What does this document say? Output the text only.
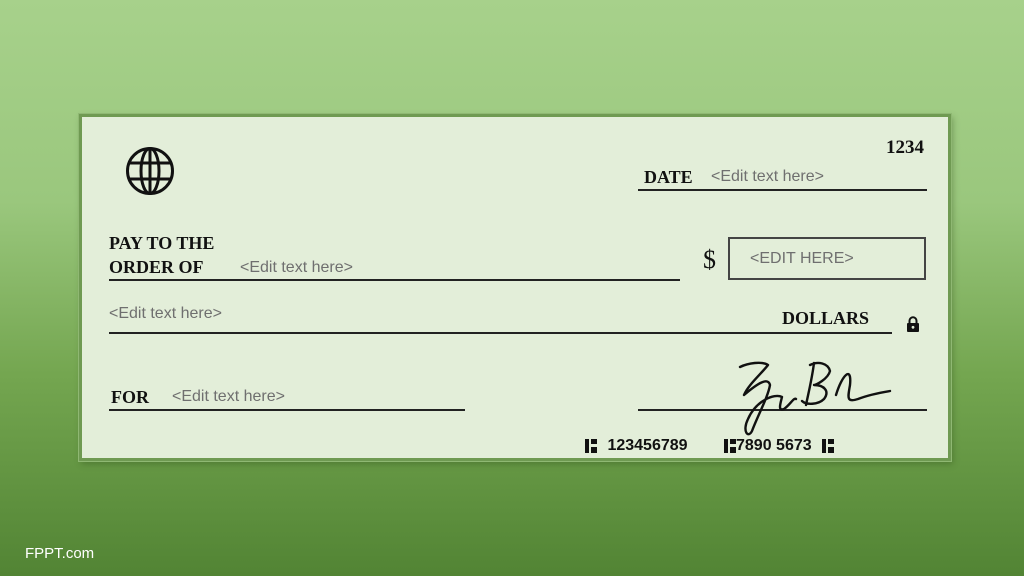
1234
DATE <Edit text here>
PAY TO THE
ORDER OF <Edit text here>	$ <EDIT HERE>
<Edit text here>	DOLLARS
FOR <Edit text here>
123456789	7890 5673
FPPT.com
